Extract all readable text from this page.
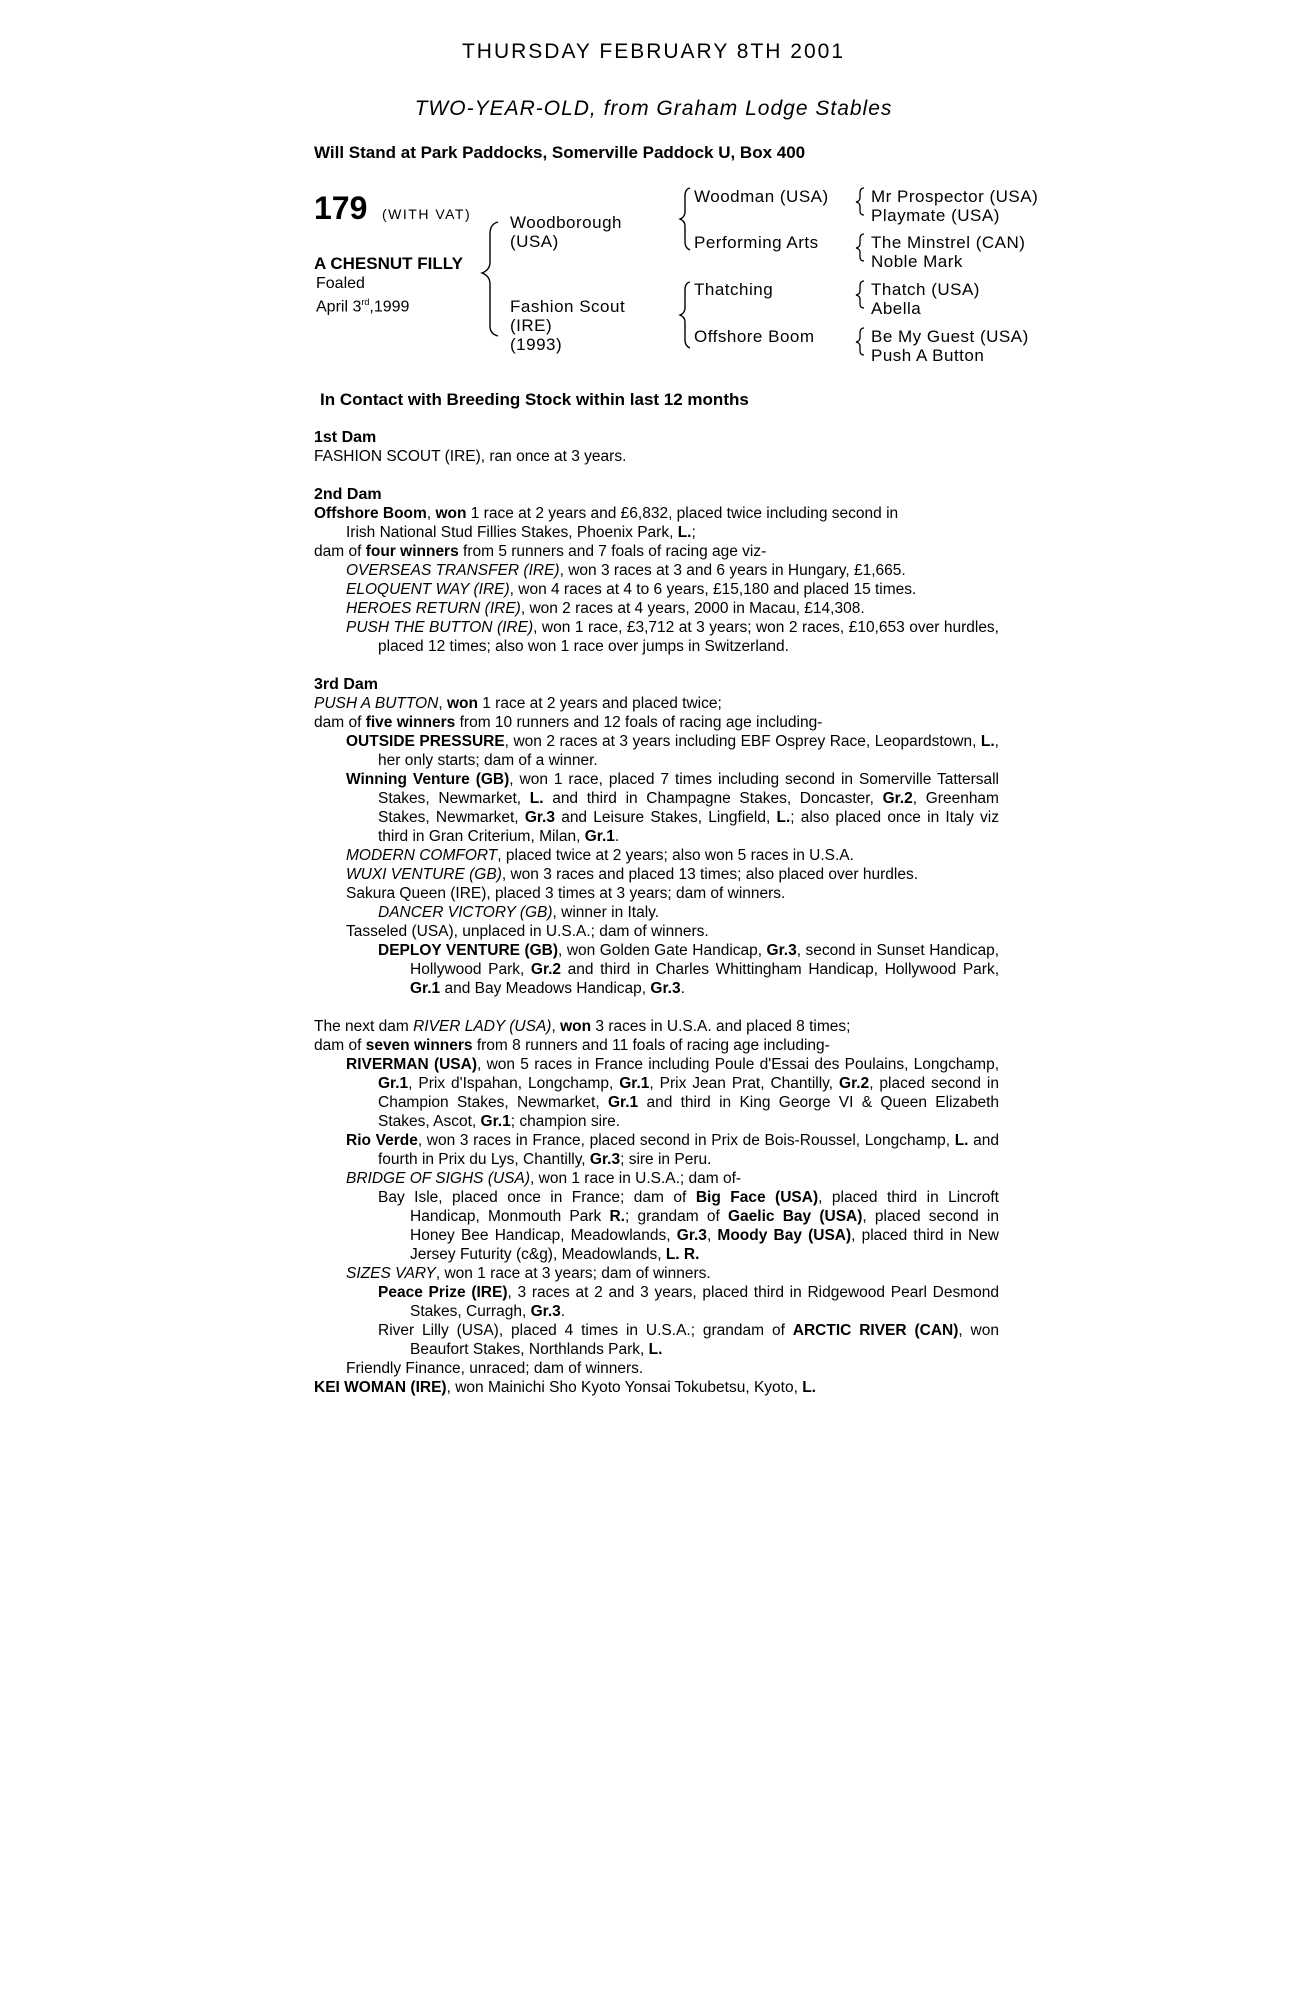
THURSDAY FEBRUARY 8TH 2001
TWO-YEAR-OLD, from Graham Lodge Stables
Will Stand at Park Paddocks, Somerville Paddock U, Box 400
179 (WITH VAT)
A CHESNUT FILLY
Foaled
April 3rd,1999
Woodborough
(USA)
Fashion Scout
(IRE)
(1993)
Woodman (USA)
Performing Arts
Thatching
Offshore Boom
Mr Prospector (USA)
Playmate (USA)
The Minstrel (CAN)
Noble Mark
Thatch (USA)
Abella
Be My Guest (USA)
Push A Button
In Contact with Breeding Stock within last 12 months

1st Dam

FASHION SCOUT (IRE), ran once at 3 years.

2nd Dam

Offshore Boom, won 1 race at 2 years and £6,832, placed twice including second in

Irish National Stud Fillies Stakes, Phoenix Park, L.;

dam of four winners from 5 runners and 7 foals of racing age viz-

OVERSEAS TRANSFER (IRE), won 3 races at 3 and 6 years in Hungary, £1,665.

ELOQUENT WAY (IRE), won 4 races at 4 to 6 years, £15,180 and placed 15 times.

HEROES RETURN (IRE), won 2 races at 4 years, 2000 in Macau, £14,308.

PUSH THE BUTTON (IRE), won 1 race, £3,712 at 3 years; won 2 races, £10,653 over hurdles, placed 12 times; also won 1 race over jumps in Switzerland.

3rd Dam

PUSH A BUTTON, won 1 race at 2 years and placed twice;

dam of five winners from 10 runners and 12 foals of racing age including-

OUTSIDE PRESSURE, won 2 races at 3 years including EBF Osprey Race, Leopardstown, L., her only starts; dam of a winner.

Winning Venture (GB), won 1 race, placed 7 times including second in Somerville Tattersall Stakes, Newmarket, L. and third in Champagne Stakes, Doncaster, Gr.2, Greenham Stakes, Newmarket, Gr.3 and Leisure Stakes, Lingfield, L.; also placed once in Italy viz third in Gran Criterium, Milan, Gr.1.

MODERN COMFORT, placed twice at 2 years; also won 5 races in U.S.A.

WUXI VENTURE (GB), won 3 races and placed 13 times; also placed over hurdles.

Sakura Queen (IRE), placed 3 times at 3 years; dam of winners.

DANCER VICTORY (GB), winner in Italy.

Tasseled (USA), unplaced in U.S.A.; dam of winners.

DEPLOY VENTURE (GB), won Golden Gate Handicap, Gr.3, second in Sunset Handicap, Hollywood Park, Gr.2 and third in Charles Whittingham Handicap, Hollywood Park, Gr.1 and Bay Meadows Handicap, Gr.3.

The next dam RIVER LADY (USA), won 3 races in U.S.A. and placed 8 times;

dam of seven winners from 8 runners and 11 foals of racing age including-

RIVERMAN (USA), won 5 races in France including Poule d'Essai des Poulains, Longchamp, Gr.1, Prix d'Ispahan, Longchamp, Gr.1, Prix Jean Prat, Chantilly, Gr.2, placed second in Champion Stakes, Newmarket, Gr.1 and third in King George VI & Queen Elizabeth Stakes, Ascot, Gr.1; champion sire.

Rio Verde, won 3 races in France, placed second in Prix de Bois-Roussel, Longchamp, L. and fourth in Prix du Lys, Chantilly, Gr.3; sire in Peru.

BRIDGE OF SIGHS (USA), won 1 race in U.S.A.; dam of-

Bay Isle, placed once in France; dam of Big Face (USA), placed third in Lincroft Handicap, Monmouth Park R.; grandam of Gaelic Bay (USA), placed second in Honey Bee Handicap, Meadowlands, Gr.3, Moody Bay (USA), placed third in New Jersey Futurity (c&g), Meadowlands, L. R.

SIZES VARY, won 1 race at 3 years; dam of winners.

Peace Prize (IRE), 3 races at 2 and 3 years, placed third in Ridgewood Pearl Desmond Stakes, Curragh, Gr.3.

River Lilly (USA), placed 4 times in U.S.A.; grandam of ARCTIC RIVER (CAN), won Beaufort Stakes, Northlands Park, L.

Friendly Finance, unraced; dam of winners.

KEI WOMAN (IRE), won Mainichi Sho Kyoto Yonsai Tokubetsu, Kyoto, L.
